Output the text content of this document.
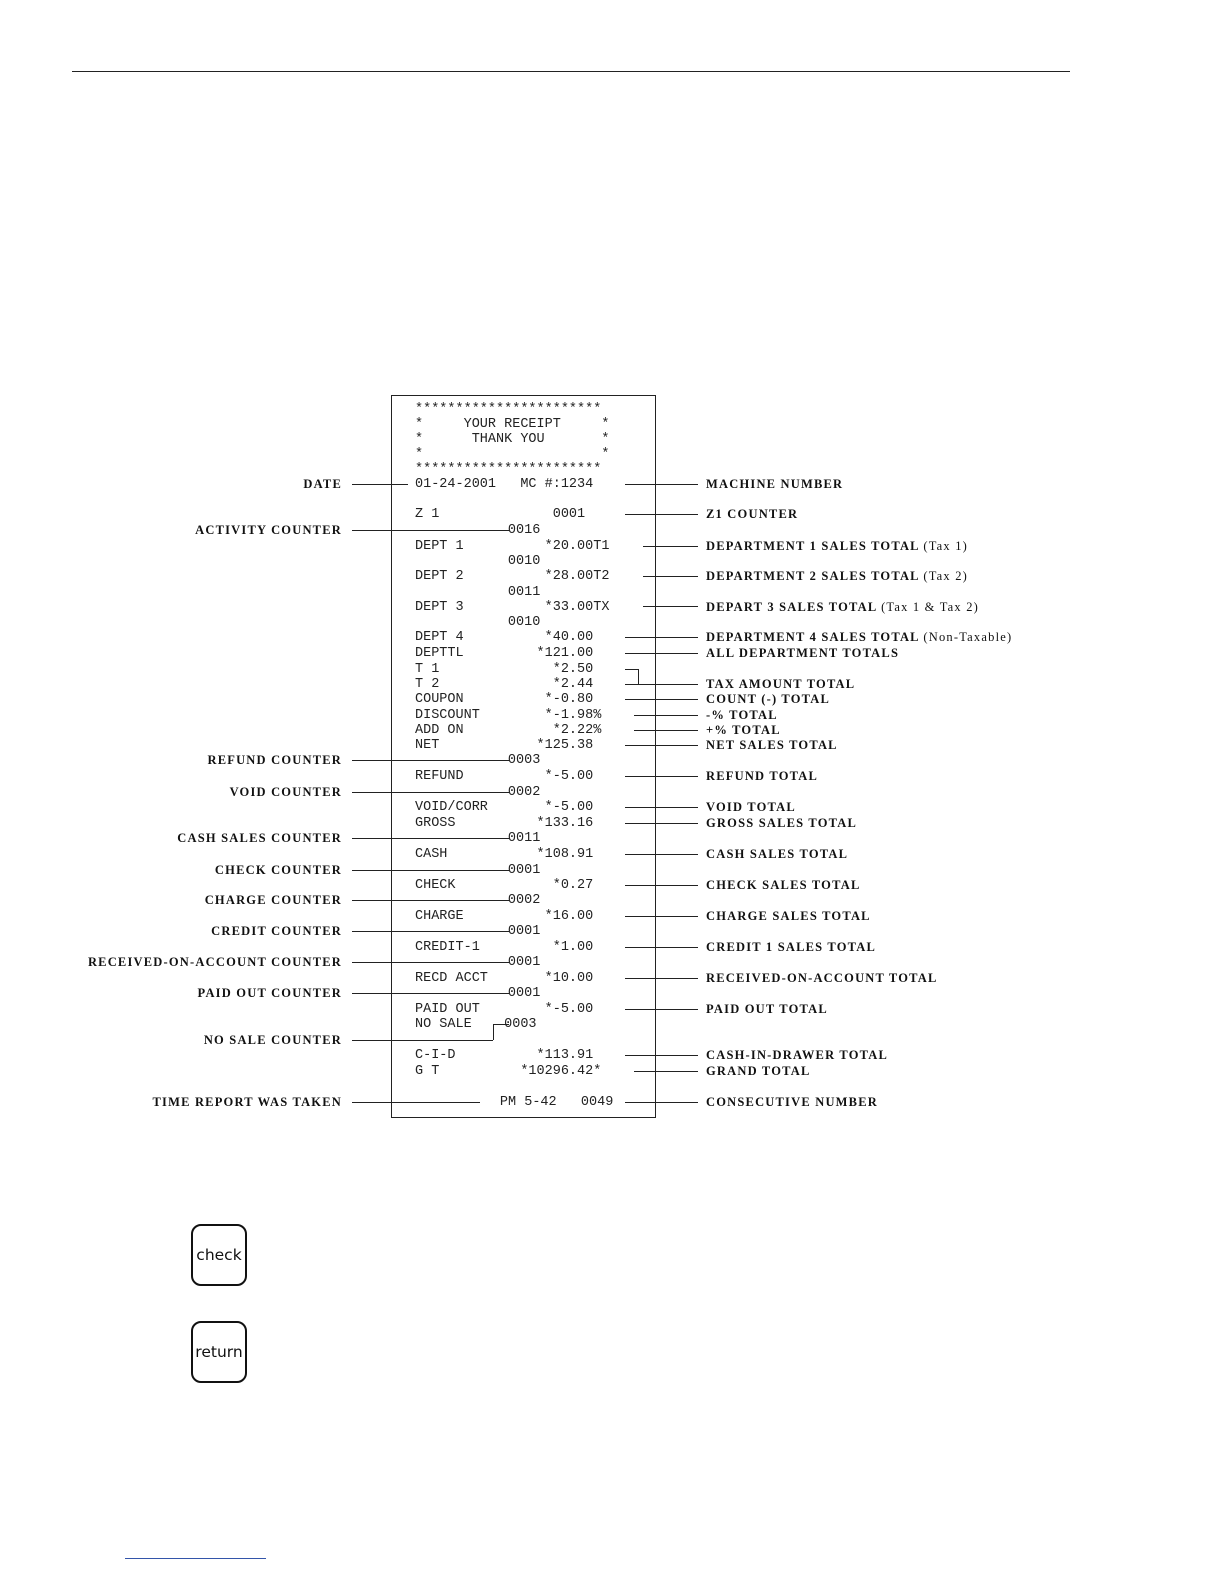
***********************
*     YOUR RECEIPT     *
*      THANK YOU       *
*                      *
***********************
01-24-2001   MC #:1234
Z 1              0001
0016
DEPT 1          *20.00T1
0010
DEPT 2          *28.00T2
0011
DEPT 3          *33.00TX
0010
DEPT 4          *40.00
DEPTTL         *121.00
T 1              *2.50
T 2              *2.44
COUPON          *-0.80
DISCOUNT        *-1.98%
ADD ON           *2.22%
NET            *125.38
0003
REFUND          *-5.00
0002
VOID/CORR       *-5.00
GROSS          *133.16
0011
CASH           *108.91
0001
CHECK            *0.27
0002
CHARGE          *16.00
0001
CREDIT-1         *1.00
0001
RECD ACCT       *10.00
0001
PAID OUT        *-5.00
NO SALE    0003
C-I-D          *113.91
G T          *10296.42*
PM 5-42   0049
DATE
ACTIVITY COUNTER
REFUND COUNTER
VOID COUNTER
CASH SALES COUNTER
CHECK COUNTER
CHARGE COUNTER
CREDIT COUNTER
RECEIVED-ON-ACCOUNT COUNTER
PAID OUT COUNTER
NO SALE COUNTER
TIME REPORT WAS TAKEN
MACHINE NUMBER
Z1 COUNTER
DEPARTMENT 1 SALES TOTAL (Tax 1)
DEPARTMENT 2 SALES TOTAL (Tax 2)
DEPART 3 SALES TOTAL (Tax 1 & Tax 2)
DEPARTMENT 4 SALES TOTAL (Non-Taxable)
ALL DEPARTMENT TOTALS
TAX AMOUNT TOTAL
COUNT (-) TOTAL
-% TOTAL
+% TOTAL
NET SALES TOTAL
REFUND TOTAL
VOID TOTAL
GROSS SALES TOTAL
CASH SALES TOTAL
CHECK SALES TOTAL
CHARGE SALES TOTAL
CREDIT 1 SALES TOTAL
RECEIVED-ON-ACCOUNT TOTAL
PAID OUT TOTAL
CASH-IN-DRAWER TOTAL
GRAND TOTAL
CONSECUTIVE NUMBER
check
return
